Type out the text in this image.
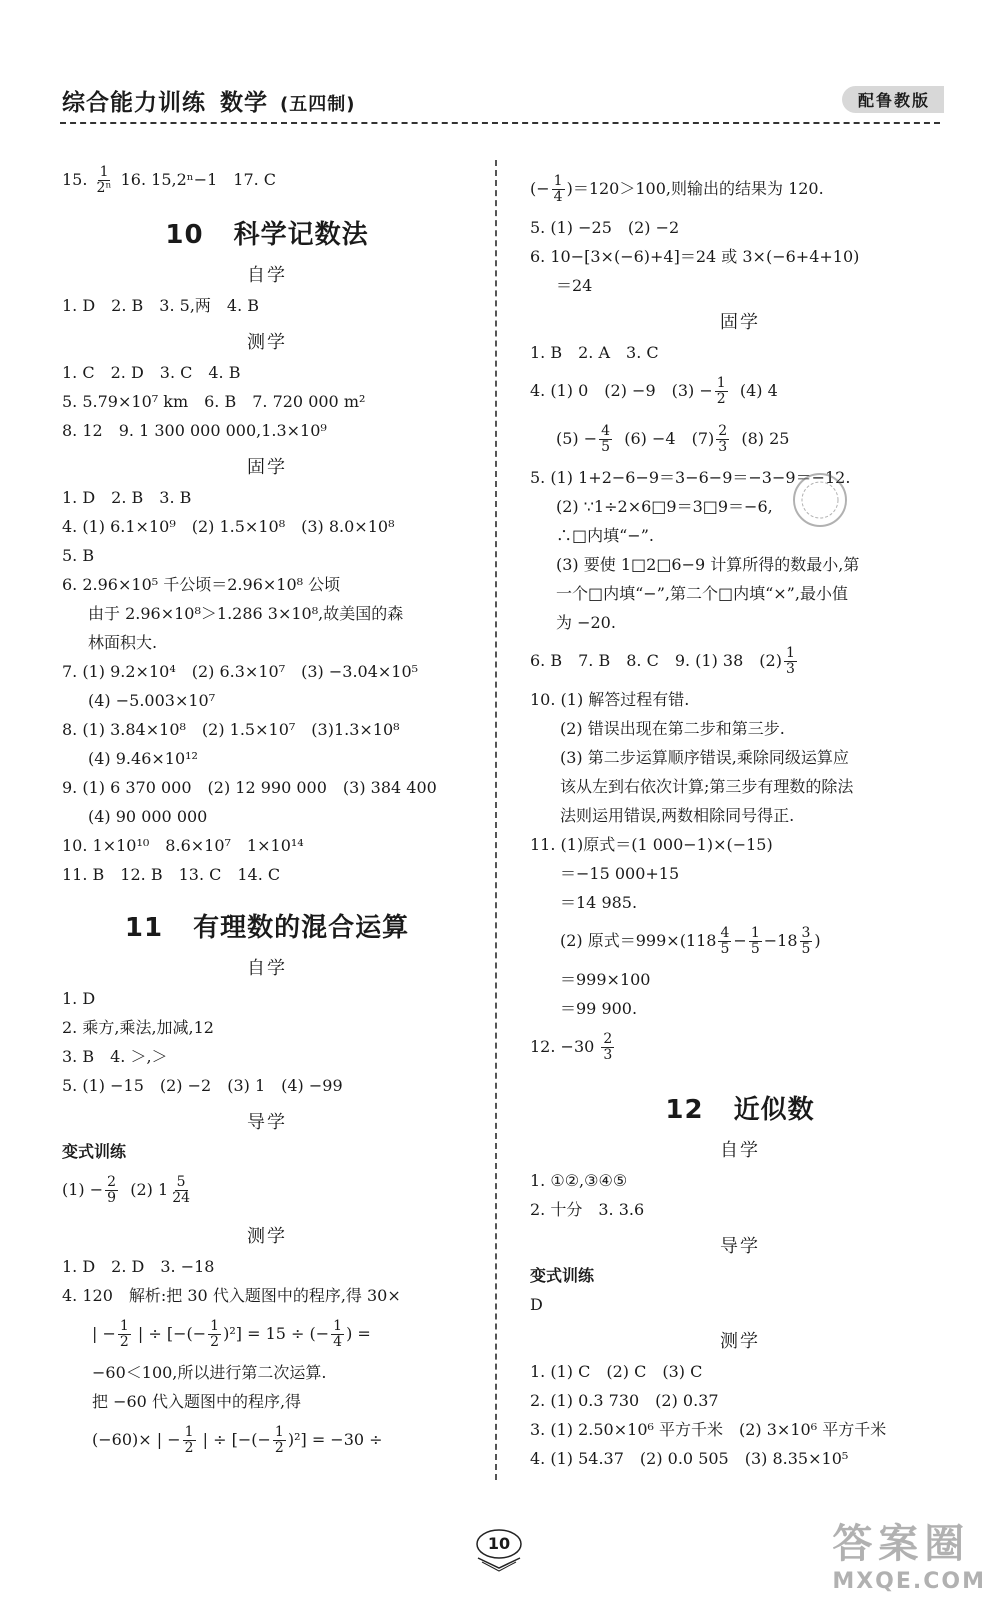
综合能力训练 数学 (五四制)	配鲁教版
15. $\frac{1}{\text{2ⁿ}} 16$. 15,2ⁿ−1　17. C
10 科学记数法
自学
1. D　2. B　3. 5,两　4. B
测学
1. C　2. D　3. C　4. B
5. 5.79×10⁷ km　6. B　7. 720 000 m²
8. 12　9. 1 300 000 000,1.3×10⁹
固学
1. D　2. B　3. B
4. (1) 6.1×10⁹　(2) 1.5×10⁸　(3) 8.0×10⁸
5. B
6. 2.96×10⁵ 千公顷＝2.96×10⁸ 公顷
由于 2.96×10⁸＞1.286 3×10⁸,故美国的森
林面积大.
7. (1) 9.2×10⁴　(2) 6.3×10⁷　(3) −3.04×10⁵
(4) −5.003×10⁷
8. (1) 3.84×10⁸　(2) 1.5×10⁷　(3)1.3×10⁸
(4) 9.46×10¹²
9. (1) 6 370 000　(2) 12 990 000　(3) 384 400
(4) 90 000 000
10. 1×10¹⁰　8.6×10⁷　1×10¹⁴
11. B　12. B　13. C　14. C
11 有理数的混合运算
自学
1. D
2. 乘方,乘法,加减,12
3. B　4. ＞,＞
5. (1) −15　(2) −2　(3) 1　(4) −99
导学
变式训练
$(1) - \frac{2}{9} (2)$ $1 \frac{5}{24}$
测学
1. D　2. D　3. −18
4. 120　解析:把 30 代入题图中的程序,得 30×
| − $\frac{1}{2}$ | ÷ [−(− $\frac{1}{2} )^2] = 15$ ÷ (− $\frac{1}{4}$ ) =
−60＜100,所以进行第二次运算.
把 −60 代入题图中的程序,得
(−60)× | − $\frac{1}{2}$ | ÷ [−(− $\frac{1}{2} )^2] = -30$ ÷
(− $\frac{1}{4} )=120>100$,则输出的结果为 120.
5. (1) −25　(2) −2
6. 10−[3×(−6)+4]＝24 或 3×(−6+4+10)
＝24
固学
1. B　2. A　3. C
4. (1) 0　(2) −9　$(3) - \frac{1}{2} (4)$ 4
$(5) - \frac{4}{5} (6) -4$　$(7) \frac{2}{3} (8)$ 25
5. (1) 1+2−6−9＝3−6−9＝−3−9＝−12.
(2) ∵1÷2×6□9＝3□9＝−6,
∴□内填“−”.
(3) 要使 1□2□6−9 计算所得的数最小,第
一个□内填“−”,第二个□内填“×”,最小值
为 −20.
6. B　7. B　8. C　9. (1) 38　$(2) \frac{1}{3}$
10. (1) 解答过程有错.
(2) 错误出现在第二步和第三步.
(3) 第二步运算顺序错误,乘除同级运算应
该从左到右依次计算;第三步有理数的除法
法则运用错误,两数相除同号得正.
11. (1)原式＝(1 000−1)×(−15)
＝−15 000+15
＝14 985.
(2) 原式$=999\times(118 \frac{4}{5} - \frac{1}{5} -18 \frac{3}{5}$ )
＝999×100
＝99 900.
12. $-30 \frac{2}{3}$
12 近似数
自学
1. ①②,③④⑤
2. 十分　3. 3.6
导学
变式训练
D
测学
1. (1) C　(2) C　(3) C
2. (1) 0.3 730　(2) 0.37
3. (1) 2.50×10⁶ 平方千米　(2) 3×10⁶ 平方千米
4. (1) 54.37　(2) 0.0 505　(3) 8.35×10⁵
10	答案圈
MXQE.COM
